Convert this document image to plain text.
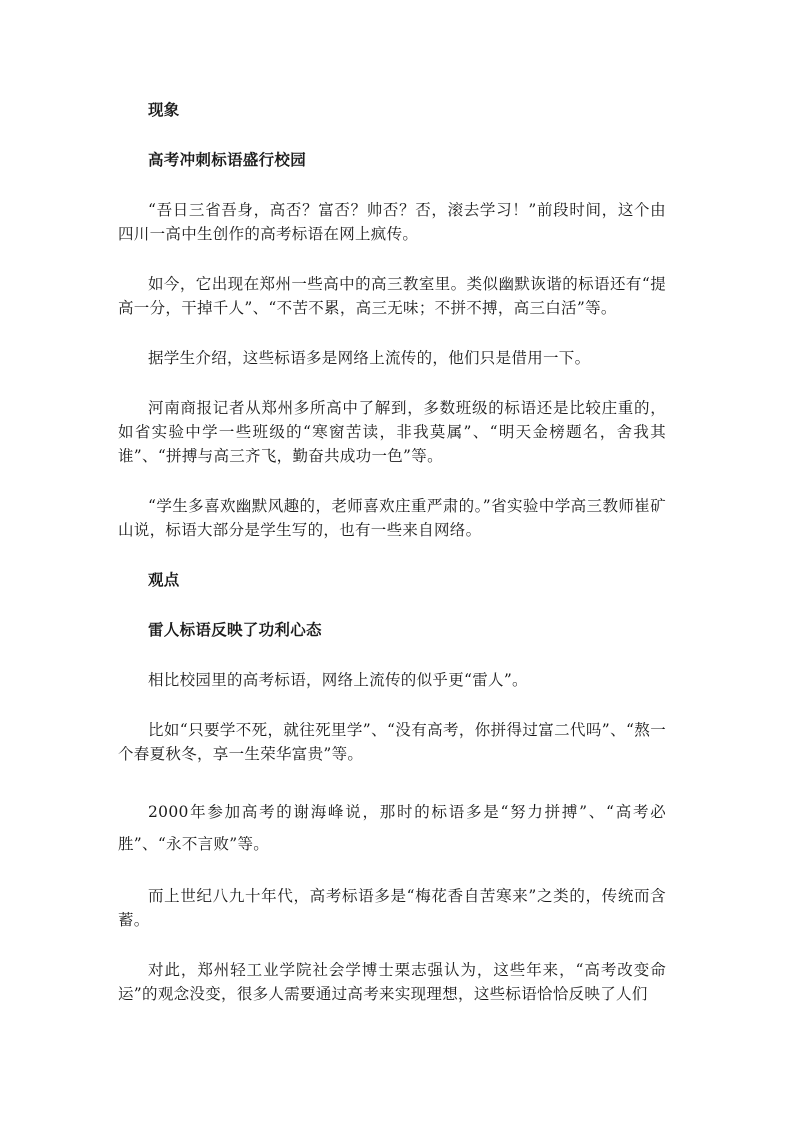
现象

高考冲刺标语盛行校园

“吾日三省吾身，高否？富否？帅否？否，滚去学习！”前段时间，这个由四川一高中生创作的高考标语在网上疯传。

如今，它出现在郑州一些高中的高三教室里。类似幽默诙谐的标语还有“提高一分，干掉千人”、“不苦不累，高三无味；不拼不搏，高三白活”等。

据学生介绍，这些标语多是网络上流传的，他们只是借用一下。

河南商报记者从郑州多所高中了解到，多数班级的标语还是比较庄重的，如省实验中学一些班级的“寒窗苦读，非我莫属”、“明天金榜题名，舍我其谁”、“拼搏与高三齐飞，勤奋共成功一色”等。

“学生多喜欢幽默风趣的，老师喜欢庄重严肃的。”省实验中学高三教师崔矿山说，标语大部分是学生写的，也有一些来自网络。

观点

雷人标语反映了功利心态

相比校园里的高考标语，网络上流传的似乎更“雷人”。

比如“只要学不死，就往死里学”、“没有高考，你拼得过富二代吗”、“熬一个春夏秋冬，享一生荣华富贵”等。

2000年参加高考的谢海峰说，那时的标语多是“努力拼搏”、“高考必胜”、“永不言败”等。

而上世纪八九十年代，高考标语多是“梅花香自苦寒来”之类的，传统而含蓄。

对此，郑州轻工业学院社会学博士栗志强认为，这些年来，“高考改变命运”的观念没变，很多人需要通过高考来实现理想，这些标语恰恰反映了人们
